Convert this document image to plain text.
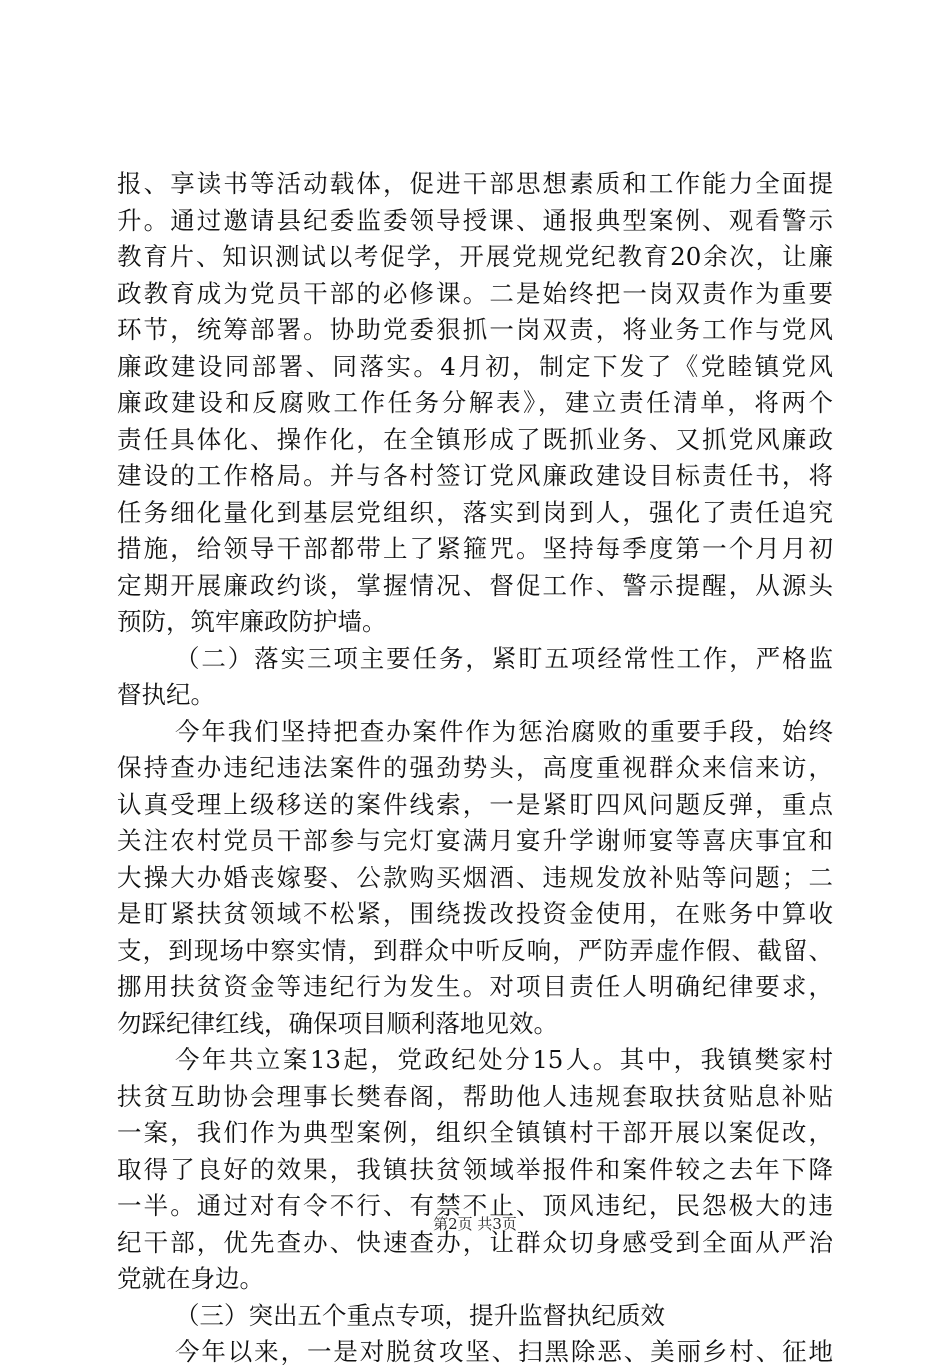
报、享读书等活动载体，促进干部思想素质和工作能力全面提
升。通过邀请县纪委监委领导授课、通报典型案例、观看警示
教育片、知识测试以考促学，开展党规党纪教育20余次，让廉
政教育成为党员干部的必修课。二是始终把一岗双责作为重要
环节，统筹部署。协助党委狠抓一岗双责，将业务工作与党风
廉政建设同部署、同落实。4月初，制定下发了《党睦镇党风
廉政建设和反腐败工作任务分解表》，建立责任清单，将两个
责任具体化、操作化，在全镇形成了既抓业务、又抓党风廉政
建设的工作格局。并与各村签订党风廉政建设目标责任书，将
任务细化量化到基层党组织，落实到岗到人，强化了责任追究
措施，给领导干部都带上了紧箍咒。坚持每季度第一个月月初
定期开展廉政约谈，掌握情况、督促工作、警示提醒，从源头
预防，筑牢廉政防护墙。
（二）落实三项主要任务，紧盯五项经常性工作，严格监
督执纪。
今年我们坚持把查办案件作为惩治腐败的重要手段，始终
保持查办违纪违法案件的强劲势头，高度重视群众来信来访，
认真受理上级移送的案件线索，一是紧盯四风问题反弹，重点
关注农村党员干部参与完灯宴满月宴升学谢师宴等喜庆事宜和
大操大办婚丧嫁娶、公款购买烟酒、违规发放补贴等问题；二
是盯紧扶贫领域不松紧，围绕拨改投资金使用，在账务中算收
支，到现场中察实情，到群众中听反响，严防弄虚作假、截留、
挪用扶贫资金等违纪行为发生。对项目责任人明确纪律要求，
勿踩纪律红线，确保项目顺利落地见效。
今年共立案13起，党政纪处分15人。其中，我镇樊家村
扶贫互助协会理事长樊春阁，帮助他人违规套取扶贫贴息补贴
一案，我们作为典型案例，组织全镇镇村干部开展以案促改，
取得了良好的效果，我镇扶贫领域举报件和案件较之去年下降
一半。通过对有令不行、有禁不止、顶风违纪，民怨极大的违
纪干部，优先查办、快速查办，让群众切身感受到全面从严治
党就在身边。
（三）突出五个重点专项，提升监督执纪质效
今年以来，一是对脱贫攻坚、扫黑除恶、美丽乡村、征地
第2页 共3页
